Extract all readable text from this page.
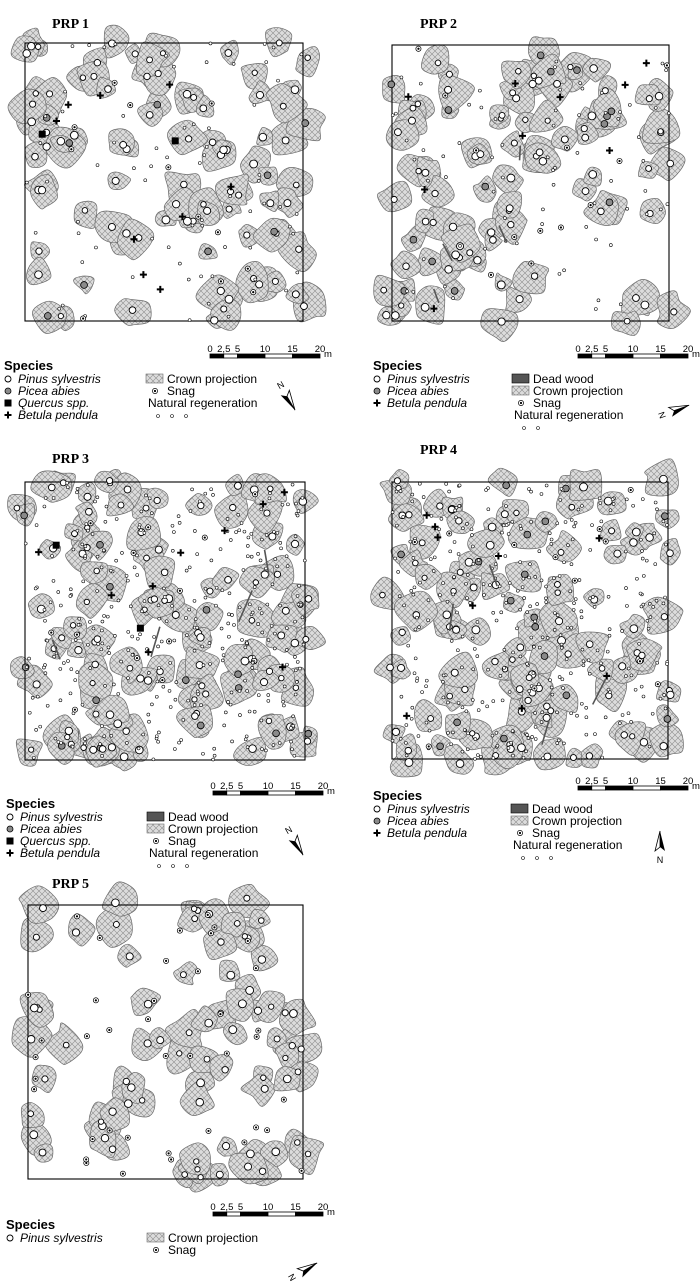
PRP 1
0 2,5 5 10 15 20
m
N
Species
Pinus sylvestris
Picea abies
Quercus spp.
Betula pendula
Crown projection
Snag
Natural regeneration
PRP 2
0 2,5 5 10 15 20
m
N
Species
Pinus sylvestris
Picea abies
Betula pendula
Dead wood
Crown projection
Snag
Natural regeneration
PRP 3
0 2,5 5 10 15 20
m
N
Species
Pinus sylvestris
Picea abies
Quercus spp.
Betula pendula
Dead wood
Crown projection
Snag
Natural regeneration
PRP 4
0 2,5 5 10 15 20
m
N
Species
Pinus sylvestris
Picea abies
Betula pendula
Dead wood
Crown projection
Snag
Natural regeneration
PRP 5
0 2,5 5 10 15 20
m
N
Species
Pinus sylvestris	Crown projection
Snag
